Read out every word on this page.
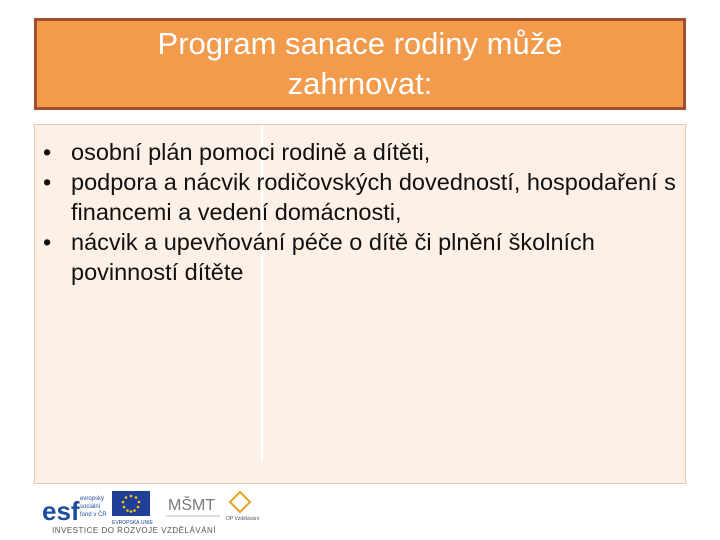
Program sanace rodiny může zahrnovat:
• osobní plán pomoci rodině a dítěti,
• podpora a nácvik rodičovských dovedností, hospodaření s financemi a vedení domácnosti,
• nácvik a upevňování péče o dítě či plnění školních povinností dítěte
esf evropský
sociální
fond v ČR
EVROPSKÁ UNIE
MŠMT
OP Vzdělávání
INVESTICE DO ROZVOJE VZDĚLÁVÁNÍ
